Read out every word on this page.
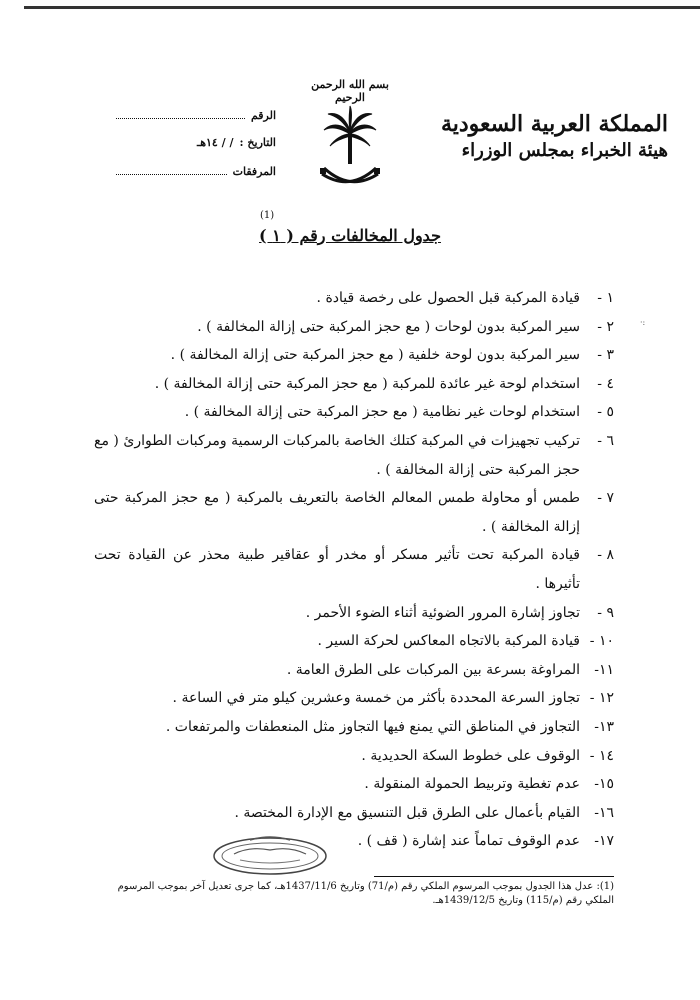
بسم الله الرحمن الرحيم
المملكة العربية السعودية
هيئة الخبراء بمجلس الوزراء
الرقم
التاريخ :
/ / ١٤هـ
المرفقات
(1)
جدول المخالفات رقم ( ١ )
·:
١ -
قيادة المركبة قبل الحصول على رخصة قيادة .
٢ -
سير المركبة بدون لوحات ( مع حجز المركبة حتى إزالة المخالفة ) .
٣ -
سير المركبة بدون لوحة خلفية ( مع حجز المركبة حتى إزالة المخالفة ) .
٤ -
استخدام لوحة غير عائدة للمركبة ( مع حجز المركبة حتى إزالة المخالفة ) .
٥ -
استخدام لوحات غير نظامية ( مع حجز المركبة حتى إزالة المخالفة ) .
٦ -
تركيب تجهيزات في المركبة كتلك الخاصة بالمركبات الرسمية ومركبات الطوارئ ( مع حجز المركبة حتى إزالة المخالفة ) .
٧ -
طمس أو محاولة طمس المعالم الخاصة بالتعريف بالمركبة ( مع حجز المركبة حتى إزالة المخالفة ) .
٨ -
قيادة المركبة تحت تأثير مسكر أو مخدر أو عقاقير طبية محذر عن القيادة تحت تأثيرها .
٩ -
تجاوز إشارة المرور الضوئية أثناء الضوء الأحمر .
١٠ -
قيادة المركبة بالاتجاه المعاكس لحركة السير .
١١-
المراوغة بسرعة بين المركبات على الطرق العامة .
١٢ -
تجاوز السرعة المحددة بأكثر من خمسة وعشرين كيلو متر في الساعة .
١٣-
التجاوز في المناطق التي يمنع فيها التجاوز مثل المنعطفات والمرتفعات .
١٤ -
الوقوف على خطوط السكة الحديدية .
١٥-
عدم تغطية وتربيط الحمولة المنقولة .
١٦-
القيام بأعمال على الطرق قبل التنسيق مع الإدارة المختصة .
١٧-
عدم الوقوف تماماً عند إشارة ( قف ) .
(1): عدل هذا الجدول بموجب المرسوم الملكي رقم (م/71) وتاريخ 1437/11/6هـ، كما جرى تعديل آخر بموجب المرسوم الملكي رقم (م/115) وتاريخ 1439/12/5هـ.
